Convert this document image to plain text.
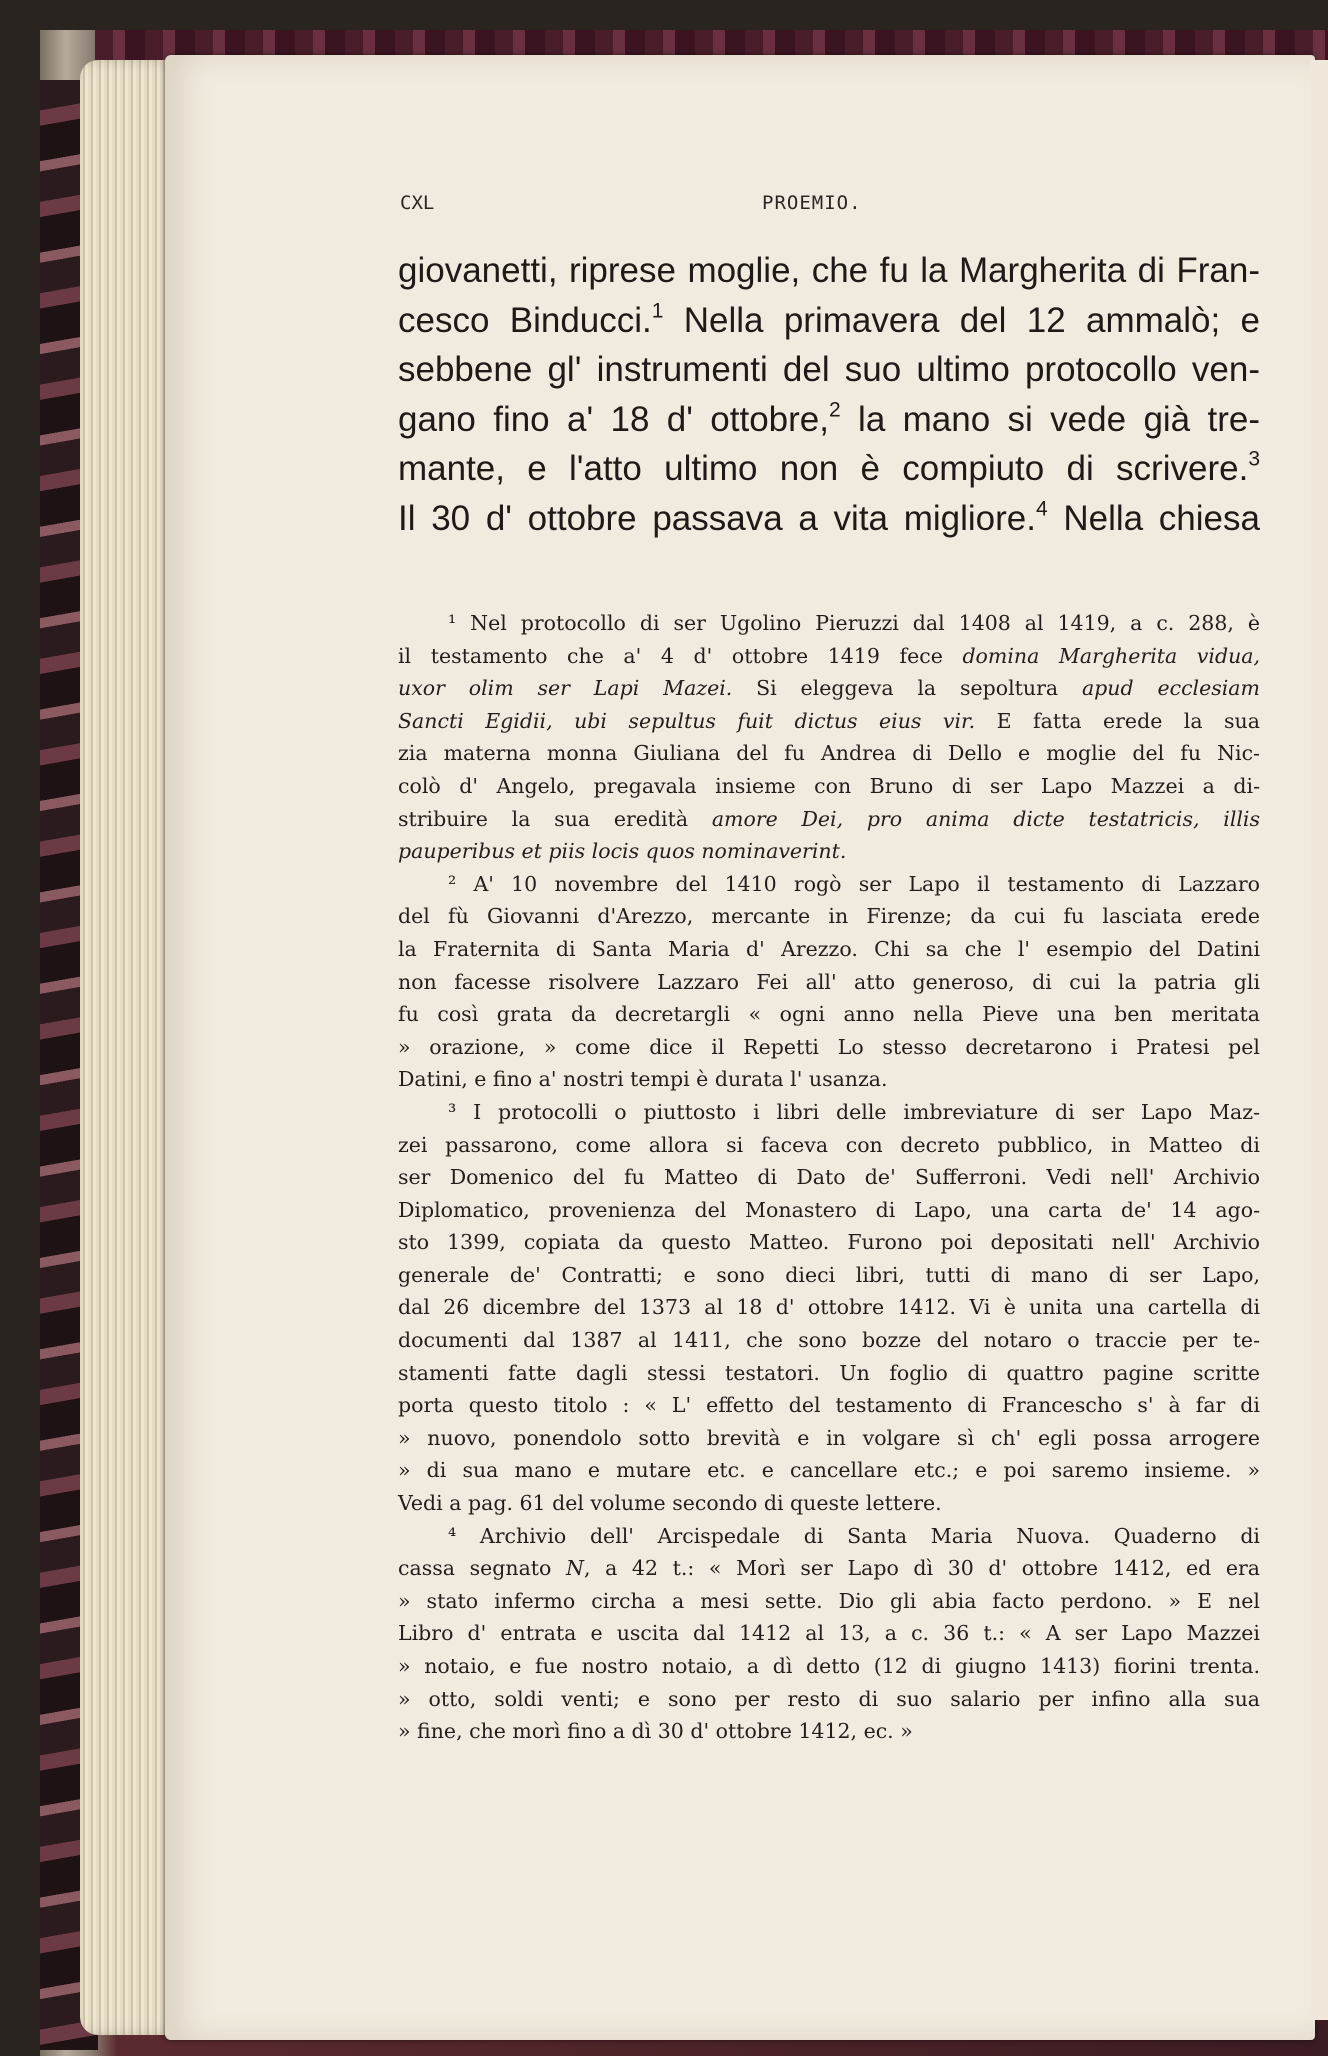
CXL	PROEMIO.
giovanetti, riprese moglie, che fu la Margherita di Fran-
cesco Binducci.$^1$ Nella primavera del 12 ammalò; e
sebbene gl' instrumenti del suo ultimo protocollo ven-
gano fino a' 18 d' ottobre,$^2$ la mano si vede già tre-
mante, e l'atto ultimo non è compiuto di scrivere.$^3$
Il 30 d' ottobre passava a vita migliore.$^4$ Nella chiesa
¹ Nel protocollo di ser Ugolino Pieruzzi dal 1408 al 1419, a c. 288, è
il testamento che a' 4 d' ottobre 1419 fece domina Margherita vidua,
uxor olim ser Lapi Mazei. Si eleggeva la sepoltura apud ecclesiam
Sancti Egidii, ubi sepultus fuit dictus eius vir. E fatta erede la sua
zia materna monna Giuliana del fu Andrea di Dello e moglie del fu Nic-
colò d' Angelo, pregavala insieme con Bruno di ser Lapo Mazzei a di-
stribuire la sua eredità amore Dei, pro anima dicte testatricis, illis
pauperibus et piis locis quos nominaverint.
² A' 10 novembre del 1410 rogò ser Lapo il testamento di Lazzaro
del fù Giovanni d'Arezzo, mercante in Firenze; da cui fu lasciata erede
la Fraternita di Santa Maria d' Arezzo. Chi sa che l' esempio del Datini
non facesse risolvere Lazzaro Fei all' atto generoso, di cui la patria gli
fu così grata da decretargli « ogni anno nella Pieve una ben meritata
» orazione, » come dice il Repetti Lo stesso decretarono i Pratesi pel
Datini, e fino a' nostri tempi è durata l' usanza.
³ I protocolli o piuttosto i libri delle imbreviature di ser Lapo Maz-
zei passarono, come allora si faceva con decreto pubblico, in Matteo di
ser Domenico del fu Matteo di Dato de' Sufferroni. Vedi nell' Archivio
Diplomatico, provenienza del Monastero di Lapo, una carta de' 14 ago-
sto 1399, copiata da questo Matteo. Furono poi depositati nell' Archivio
generale de' Contratti; e sono dieci libri, tutti di mano di ser Lapo,
dal 26 dicembre del 1373 al 18 d' ottobre 1412. Vi è unita una cartella di
documenti dal 1387 al 1411, che sono bozze del notaro o traccie per te-
stamenti fatte dagli stessi testatori. Un foglio di quattro pagine scritte
porta questo titolo : « L' effetto del testamento di Franceschо s' à far di
» nuovo, ponendolo sotto brevità e in volgare sì ch' egli possa arrogere
» di sua mano e mutare etc. e cancellare etc.; e poi saremo insieme. »
Vedi a pag. 61 del volume secondo di queste lettere.
⁴ Archivio dell' Arcispedale di Santa Maria Nuova. Quaderno di
cassa segnato N, a 42 t.: « Morì ser Lapo dì 30 d' ottobre 1412, ed era
» stato infermo circha a mesi sette. Dio gli abia facto perdono. » E nel
Libro d' entrata e uscita dal 1412 al 13, a c. 36 t.: « A ser Lapo Mazzei
» notaio, e fue nostro notaio, a dì detto (12 di giugno 1413) fiorini trenta.
» otto, soldi venti; e sono per resto di suo salario per infino alla sua
» fine, che morì fino a dì 30 d' ottobre 1412, ec. »
